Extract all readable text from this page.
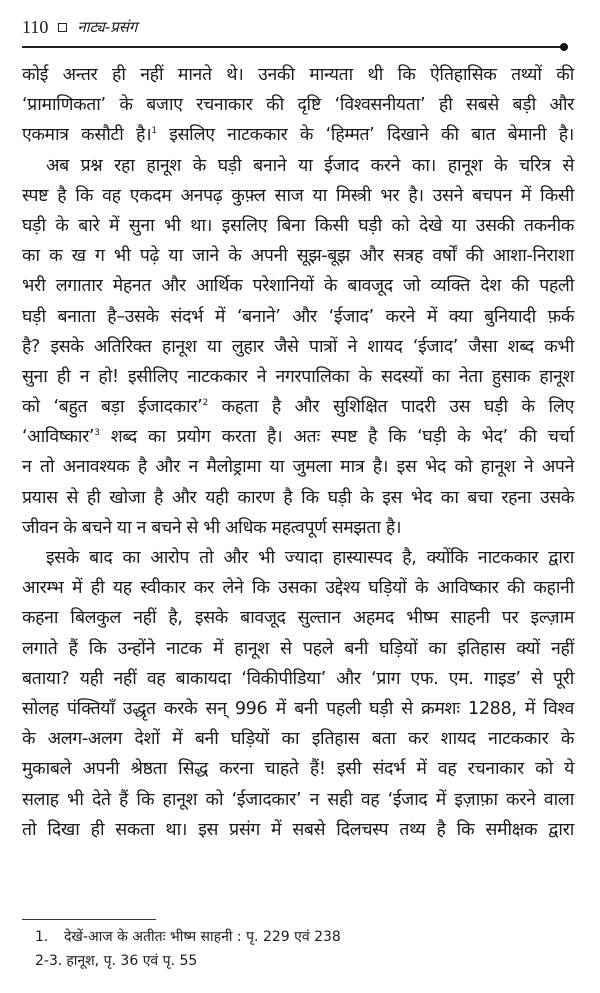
110 नाट्य-प्रसंग
कोई अन्तर ही नहीं मानते थे। उनकी मान्यता थी कि ऐतिहासिक तथ्यों की
‘प्रामाणिकता’ के बजाए रचनाकार की दृष्टि ‘विश्वसनीयता’ ही सबसे बड़ी और
एकमात्र कसौटी है।$^1$ इसलिए नाटककार के ‘हिम्मत’ दिखाने की बात बेमानी है।
अब प्रश्न रहा हानूश के घड़ी बनाने या ईजाद करने का। हानूश के चरित्र से
स्पष्ट है कि वह एकदम अनपढ़ कुफ़्ल साज या मिस्त्री भर है। उसने बचपन में किसी
घड़ी के बारे में सुना भी था। इसलिए बिना किसी घड़ी को देखे या उसकी तकनीक
का क ख ग भी पढ़े या जाने के अपनी सूझ-बूझ और सत्रह वर्षों की आशा-निराशा
भरी लगातार मेहनत और आर्थिक परेशानियों के बावजूद जो व्यक्ति देश की पहली
घड़ी बनाता है–उसके संदर्भ में ‘बनाने’ और ‘ईजाद’ करने में क्या बुनियादी फ़र्क
है? इसके अतिरिक्त हानूश या लुहार जैसे पात्रों ने शायद ‘ईजाद’ जैसा शब्द कभी
सुना ही न हो! इसीलिए नाटककार ने नगरपालिका के सदस्यों का नेता हुसाक हानूश
को ‘बहुत बड़ा ईजादकार’$^2$ कहता है और सुशिक्षित पादरी उस घड़ी के लिए
‘आविष्कार’$^3$ शब्द का प्रयोग करता है। अतः स्पष्ट है कि ‘घड़ी के भेद’ की चर्चा
न तो अनावश्यक है और न मैलोड्रामा या जुमला मात्र है। इस भेद को हानूश ने अपने
प्रयास से ही खोजा है और यही कारण है कि घड़ी के इस भेद का बचा रहना उसके
जीवन के बचने या न बचने से भी अधिक महत्वपूर्ण समझता है।
इसके बाद का आरोप तो और भी ज्यादा हास्यास्पद है, क्योंकि नाटककार द्वारा
आरम्भ में ही यह स्वीकार कर लेने कि उसका उद्देश्य घड़ियों के आविष्कार की कहानी
कहना बिलकुल नहीं है, इसके बावजूद सुल्तान अहमद भीष्म साहनी पर इल्ज़ाम
लगाते हैं कि उन्होंने नाटक में हानूश से पहले बनी घड़ियों का इतिहास क्यों नहीं
बताया? यही नहीं वह बाकायदा ‘विकीपीडिया’ और ‘प्राग एफ. एम. गाइड’ से पूरी
सोलह पंक्तियाँ उद्धृत करके सन् 996 में बनी पहली घड़ी से क्रमशः 1288, में विश्व
के अलग-अलग देशों में बनी घड़ियों का इतिहास बता कर शायद नाटककार के
मुकाबले अपनी श्रेष्ठता सिद्ध करना चाहते हैं! इसी संदर्भ में वह रचनाकार को ये
सलाह भी देते हैं कि हानूश को ‘ईजादकार’ न सही वह ‘ईजाद में इज़ाफ़ा करने वाला
तो दिखा ही सकता था। इस प्रसंग में सबसे दिलचस्प तथ्य है कि समीक्षक द्वारा
1.	देखें-आज के अतीतः भीष्म साहनी : पृ. 229 एवं 238
2-3. हानूश, पृ. 36 एवं पृ. 55
